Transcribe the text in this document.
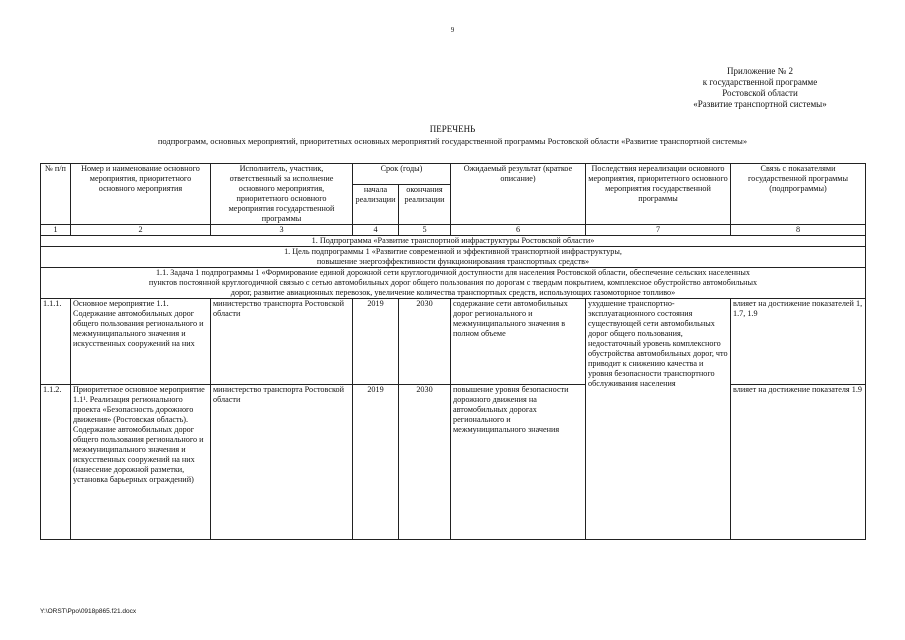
9
Приложение № 2
к государственной программе
Ростовской области
«Развитие транспортной системы»
ПЕРЕЧЕНЬ
подпрограмм, основных мероприятий, приоритетных основных мероприятий государственной программы Ростовской области «Развитие транспортной системы»
№ п/п	Номер и наименование основного мероприятия, приоритетного основного мероприятия	Исполнитель, участник, ответственный за исполнение основного мероприятия, приоритетного основного мероприятия государственной программы	Срок (годы)		Ожидаемый результат (краткое описание)	Последствия нереализации основного мероприятия, приоритетного основного мероприятия государственной программы	Связь с показателями государственной программы (подпрограммы)
			начала реализации	окончания реализации			
1	2	3	4	5	6	7	8
1. Подпрограмма «Развитие транспортной инфраструктуры Ростовской области»							
1. Цель подпрограммы 1 «Развитие современной и эффективной транспортной инфраструктуры, повышение энергоэффективности функционирования транспортных средств»							
1.1. Задача 1 подпрограммы 1 «Формирование единой дорожной сети круглогодичной доступности для населения Ростовской области, обеспечение сельских населенных пунктов постоянной круглогодичной связью с сетью автомобильных дорог общего пользования по дорогам с твердым покрытием, комплексное обустройство автомобильных дорог, развитие авиационных перевозок, увеличение количества транспортных средств, использующих газомоторное топливо»							
1.1.1.	Основное мероприятие 1.1. Содержание автомобильных дорог общего пользования регионального и межмуниципального значения и искусственных сооружений на них	министерство транспорта Ростовской области	2019	2030	содержание сети автомобильных дорог регионального и межмуниципального значения в полном объеме	ухудшение транспортно-эксплуатационного состояния существующей сети автомобильных дорог общего пользования, недостаточный уровень комплексного обустройства автомобильных дорог, что приводит к снижению качества и уровня безопасности транспортного обслуживания населения	влияет на достижение показателей 1, 1.7, 1.9
1.1.2.	Приоритетное основное мероприятие 1.1¹. Реализация регионального проекта «Безопасность дорожного движения» (Ростовская область). Содержание автомобильных дорог общего пользования регионального и межмуниципального значения и искусственных сооружений на них (нанесение дорожной разметки, установка барьерных ограждений)	министерство транспорта Ростовской области	2019	2030	повышение уровня безопасности дорожного движения на автомобильных дорогах регионального и межмуниципального значения		влияет на достижение показателя 1.9
Y:\ORST\Ppo\0918p865.f21.docx
